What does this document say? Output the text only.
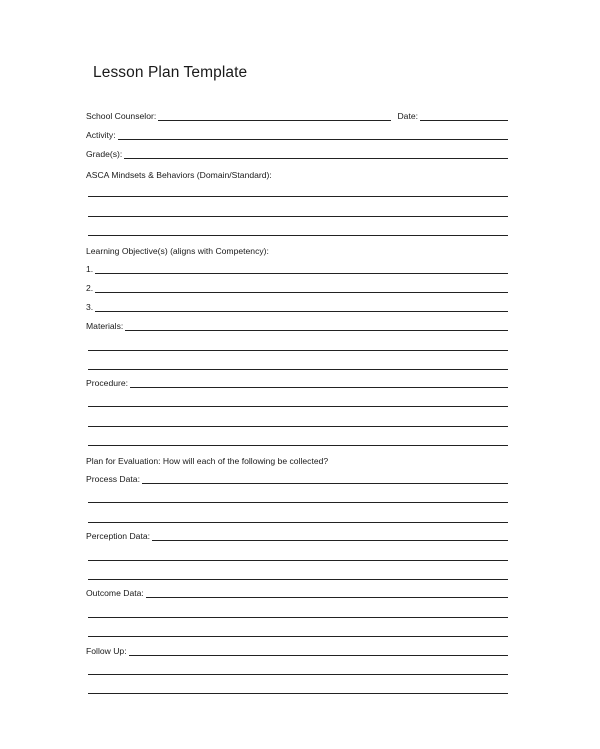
Lesson Plan Template
School Counselor:	Date:
Activity:
Grade(s):
ASCA Mindsets & Behaviors (Domain/Standard):
Learning Objective(s) (aligns with Competency):
1.
2.
3.
Materials:
Procedure:
Plan for Evaluation: How will each of the following be collected?
Process Data:
Perception Data:
Outcome Data:
Follow Up:
